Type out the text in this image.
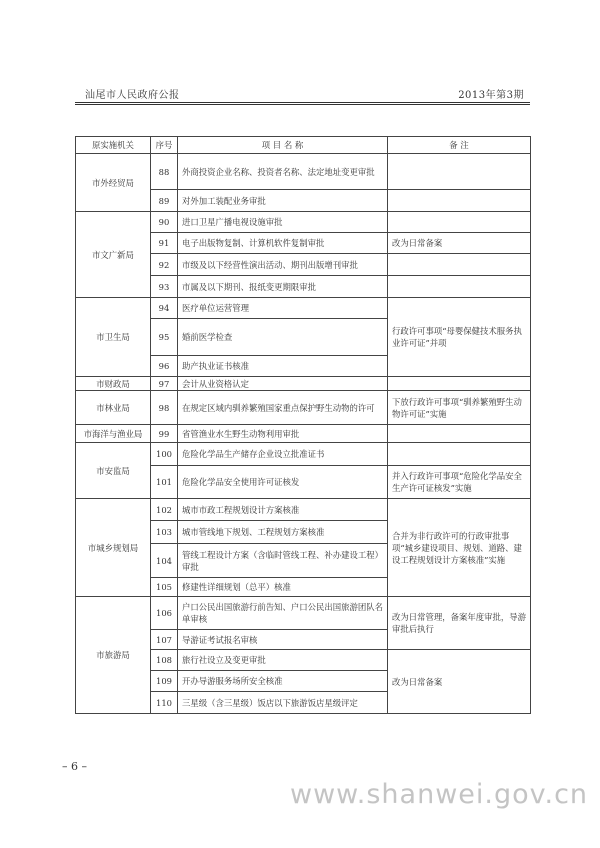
汕尾市人民政府公报	2013年第3期
原实施机关	序号	项 目 名 称	备 注
市外经贸局	88	外商投资企业名称、投资者名称、法定地址变更审批	
	89	对外加工装配业务审批	
市文广新局	90	进口卫星广播电视设施审批	
	91	电子出版物复制、计算机软件复制审批	改为日常备案
	92	市级及以下经营性演出活动、期刊出版增刊审批	
	93	市属及以下期刊、报纸变更期限审批	
市卫生局	94	医疗单位运营管理	行政许可事项“母婴保健技术服务执业许可证”并项
	95	婚前医学检查	
	96	助产执业证书核准	
市财政局	97	会计从业资格认定	
市林业局	98	在规定区域内驯养繁殖国家重点保护野生动物的许可	下放行政许可事项“驯养繁殖野生动物许可证”实施
市海洋与渔业局	99	省管渔业水生野生动物利用审批	
市安监局	100	危险化学品生产储存企业设立批准证书	
	101	危险化学品安全使用许可证核发	并入行政许可事项“危险化学品安全生产许可证核发”实施
市城乡规划局	102	城市市政工程规划设计方案核准	合并为非行政许可的行政审批事项“城乡建设项目、规划、道路、建设工程规划设计方案核准”实施
	103	城市管线地下规划、工程规划方案核准	
	104	管线工程设计方案（含临时管线工程、补办建设工程）审批	
	105	修建性详细规划（总平）核准	
市旅游局	106	户口公民出国旅游行前告知、户口公民出国旅游团队名单审核	改为日常管理，备案年度审批，导游审批后执行
	107	导游证考试报名审核	
	108	旅行社设立及变更审批	改为日常备案
	109	开办导游服务场所安全核准	
	110	三星级（含三星级）饭店以下旅游饭店星级评定	
– 6 –
www.shanwei.gov.cn
